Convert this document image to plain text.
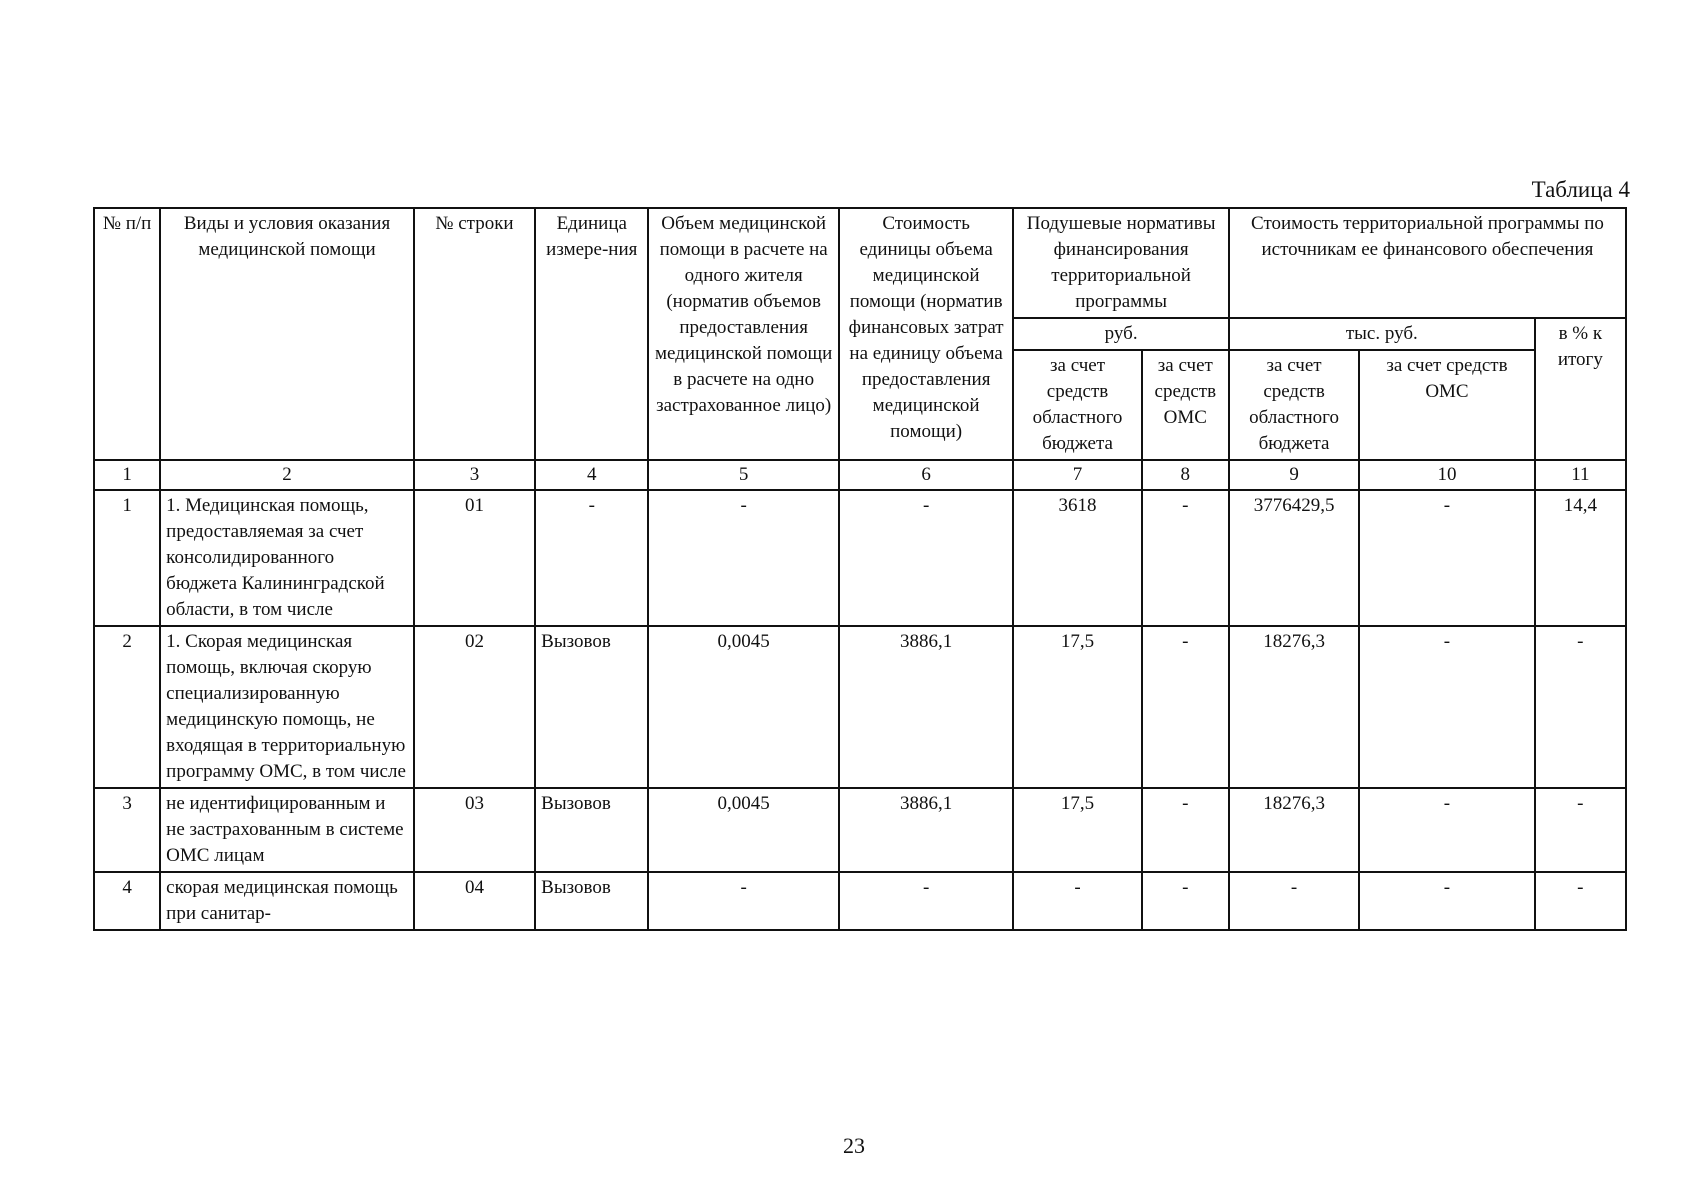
Таблица 4
№ п/п	Виды и условия оказания медицинской помощи	№ строки	Единица измере-ния	Объем медицинской помощи в расчете на одного жителя (норматив объемов предоставления медицинской помощи в расчете на одно застрахованное лицо)	Стоимость единицы объема медицинской помощи (норматив финансовых затрат на единицу объема предоставления медицинской помощи)	Подушевые нормативы финансирования территориальной программы		Стоимость территориальной программы по источникам ее финансового обеспечения		
						руб.		тыс. руб.		в % к итогу
						за счет средств областного бюджета	за счет средств ОМС	за счет средств областного бюджета	за счет средств ОМС	
1	2	3	4	5	6	7	8	9	10	11
1	1. Медицинская помощь, предоставляемая за счет консолидированного бюджета Калининградской области, в том числе	01	-	-	-	3618	-	3776429,5	-	14,4
2	1. Скорая медицинская помощь, включая скорую специализированную медицинскую помощь, не входящая в территориальную программу ОМС, в том числе	02	Вызовов	0,0045	3886,1	17,5	-	18276,3	-	-
3	не идентифицированным и не застрахованным в системе ОМС лицам	03	Вызовов	0,0045	3886,1	17,5	-	18276,3	-	-
4	скорая медицинская помощь при санитар-	04	Вызовов	-	-	-	-	-	-	-
23
